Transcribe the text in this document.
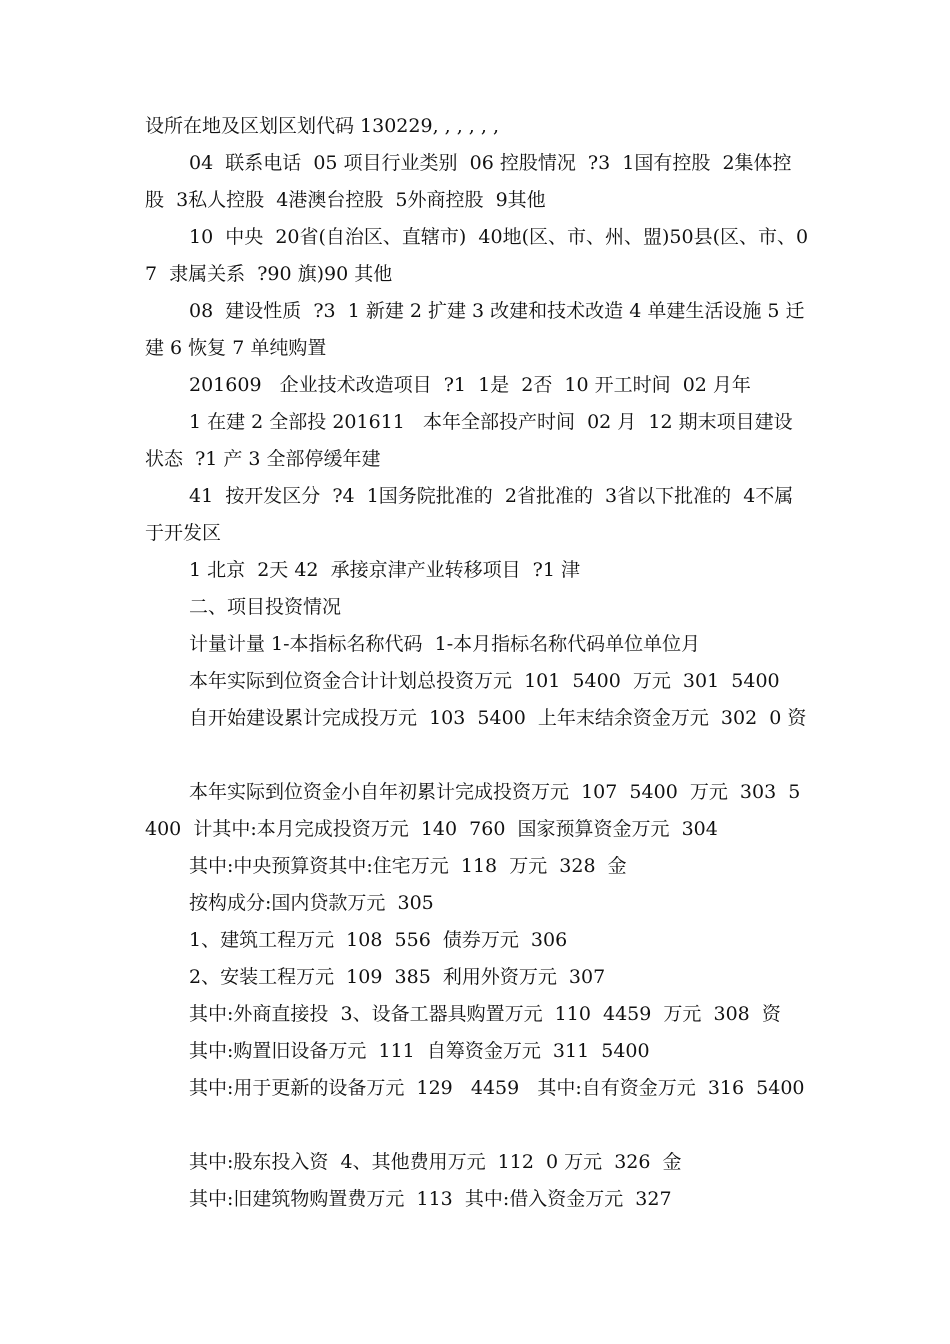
设所在地及区划区划代码 130229, , , , , ,

04  联系电话  05 项目行业类别  06 控股情况  ?3  1国有控股  2集体控股  3私人控股  4港澳台控股  5外商控股  9其他

10  中央  20省(自治区、直辖市)  40地(区、市、州、盟)50县(区、市、07  隶属关系  ?90 旗)90 其他

08  建设性质  ?3  1 新建 2 扩建 3 改建和技术改造 4 单建生活设施 5 迁建 6 恢复 7 单纯购置

201609   企业技术改造项目  ?1  1是  2否  10 开工时间  02 月年

1 在建 2 全部投 201611   本年全部投产时间  02 月  12 期末项目建设状态  ?1 产 3 全部停缓年建

41  按开发区分  ?4  1国务院批准的  2省批准的  3省以下批准的  4不属于开发区

1 北京  2天 42  承接京津产业转移项目  ?1 津

二、项目投资情况

计量计量 1-本指标名称代码  1-本月指标名称代码单位单位月

本年实际到位资金合计计划总投资万元  101  5400  万元  301  5400

自开始建设累计完成投万元  103  5400  上年末结余资金万元  302  0 资

本年实际到位资金小自年初累计完成投资万元  107  5400  万元  303  5400  计其中:本月完成投资万元  140  760  国家预算资金万元  304

其中:中央预算资其中:住宅万元  118  万元  328  金

按构成分:国内贷款万元  305

1、建筑工程万元  108  556  债券万元  306

2、安装工程万元  109  385  利用外资万元  307

其中:外商直接投  3、设备工器具购置万元  110  4459  万元  308  资

其中:购置旧设备万元  111  自筹资金万元  311  5400

其中:用于更新的设备万元  129   4459   其中:自有资金万元  316  5400

其中:股东投入资  4、其他费用万元  112  0 万元  326  金

其中:旧建筑物购置费万元  113  其中:借入资金万元  327
